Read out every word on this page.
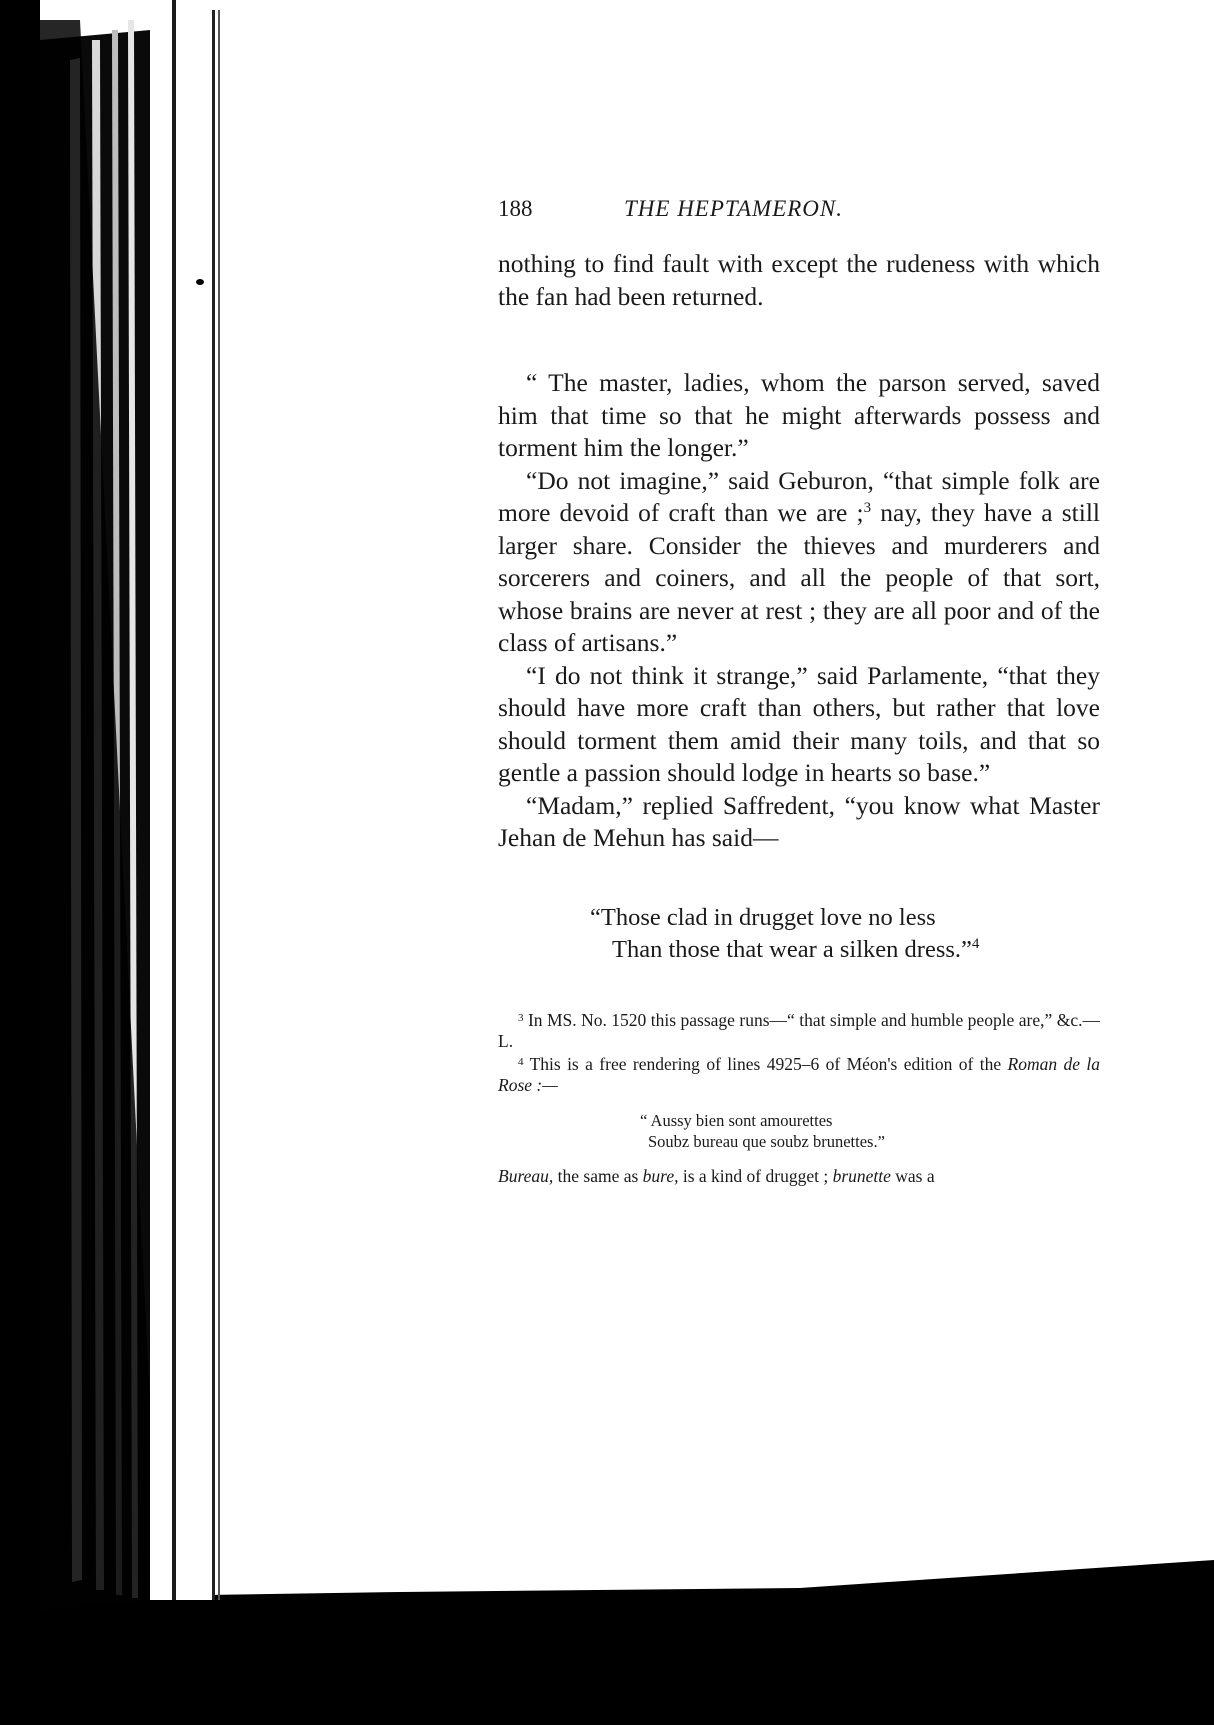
188	THE HEPTAMERON.

nothing to find fault with except the rudeness with which the fan had been returned.

“ The master, ladies, whom the parson served, saved him that time so that he might afterwards possess and torment him the longer.”

“Do not imagine,” said Geburon, “that simple folk are more devoid of craft than we are ;$^3$ nay, they have a still larger share. Consider the thieves and murderers and sorcerers and coiners, and all the people of that sort, whose brains are never at rest ; they are all poor and of the class of artisans.”

“I do not think it strange,” said Parlamente, “that they should have more craft than others, but rather that love should torment them amid their many toils, and that so gentle a passion should lodge in hearts so base.”

“Madam,” replied Saffredent, “you know what Master Jehan de Mehun has said—

“Those clad in drugget love no less
Than those that wear a silken dress.”$^4$

$^3$ In MS. No. 1520 this passage runs—“ that simple and humble people are,” &c.—L.

$^4$ This is a free rendering of lines 4925–6 of Méon's edition of the Roman de la Rose :—

“ Aussy bien sont amourettes
Soubz bureau que soubz brunettes.”

Bureau, the same as bure, is a kind of drugget ; brunette was a
